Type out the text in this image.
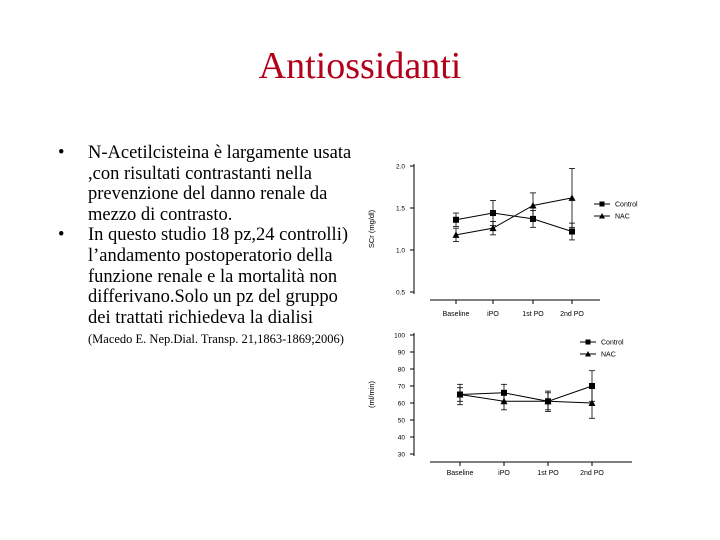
Antiossidanti
• N-Acetilcisteina è largamente usata ,con risultati contrastanti nella prevenzione del danno renale da mezzo di contrasto.
• In questo studio 18 pz,24 controlli) l’andamento postoperatorio della funzione renale e la mortalità non differivano.Solo un pz del gruppo dei trattati richiedeva la dialisi (Macedo E. Nep.Dial. Transp. 21,1863-1869;2006)
0.5
1.0
1.5
2.0
SCr (mg/dl)
Baseline	iPO	1st PO 2nd PO
Control
NAC
30
40
50
60
70
80
90
100
(ml/min)
Baseline	iPO	1st PO	2nd PO
Control
NAC
